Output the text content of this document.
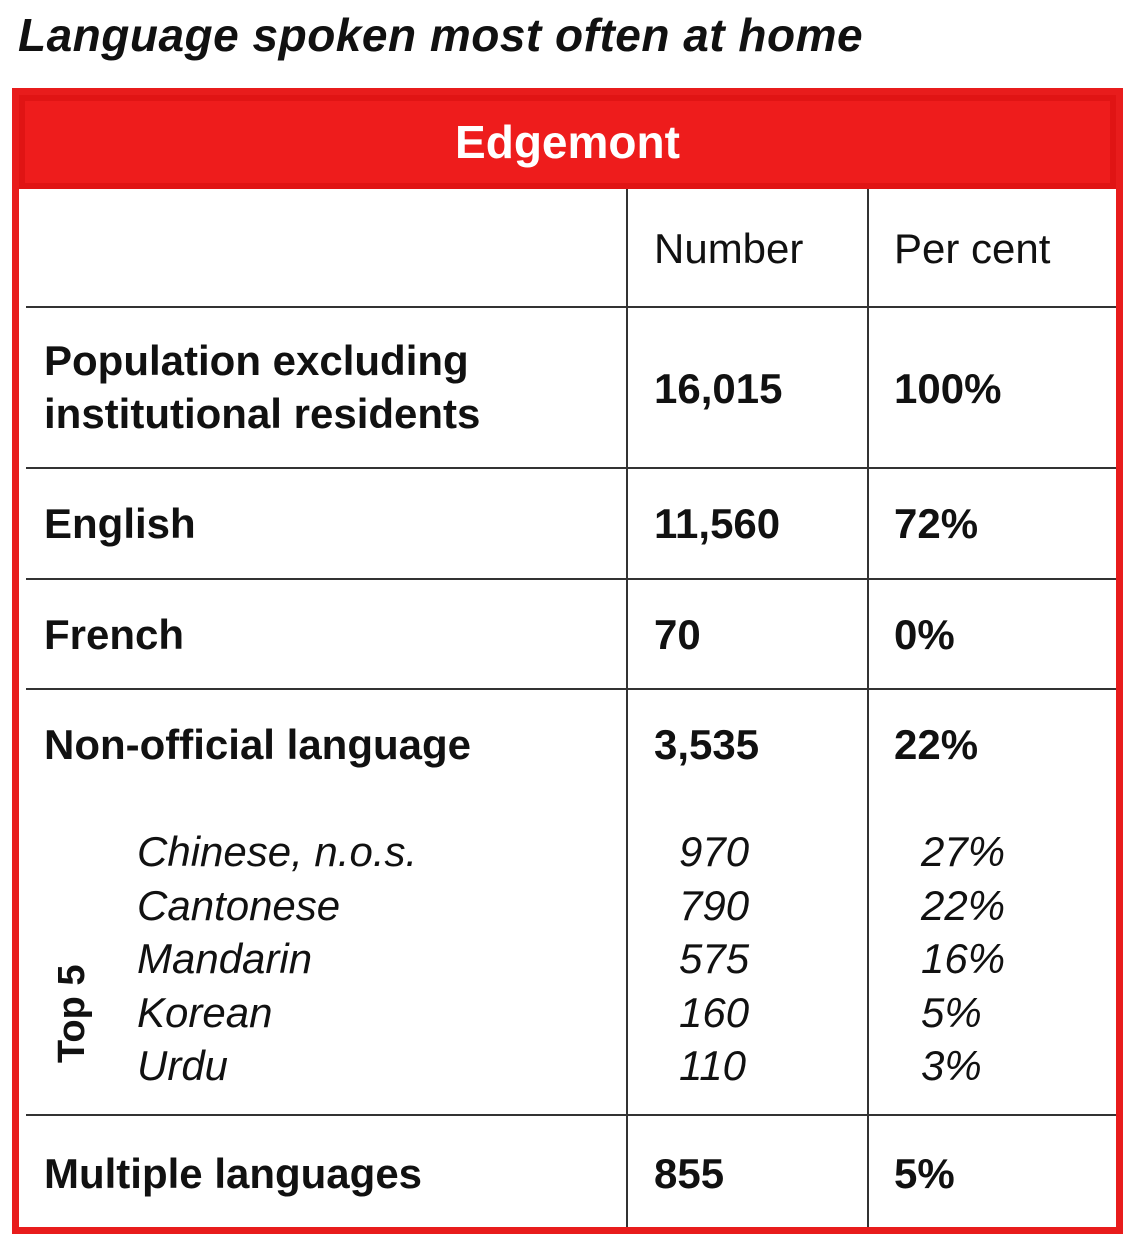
Language spoken most often at home
Edgemont
Number Per cent
Population excluding
institutional residents
16,015	100%
English	11,560	72%
French	70	0%
Non-official language	3,535	22%
Top 5
Chinese, n.o.s.	970	27%
Cantonese	790	22%
Mandarin	575	16%
Korean	160	5%
Urdu	110	3%
Multiple languages	855	5%
